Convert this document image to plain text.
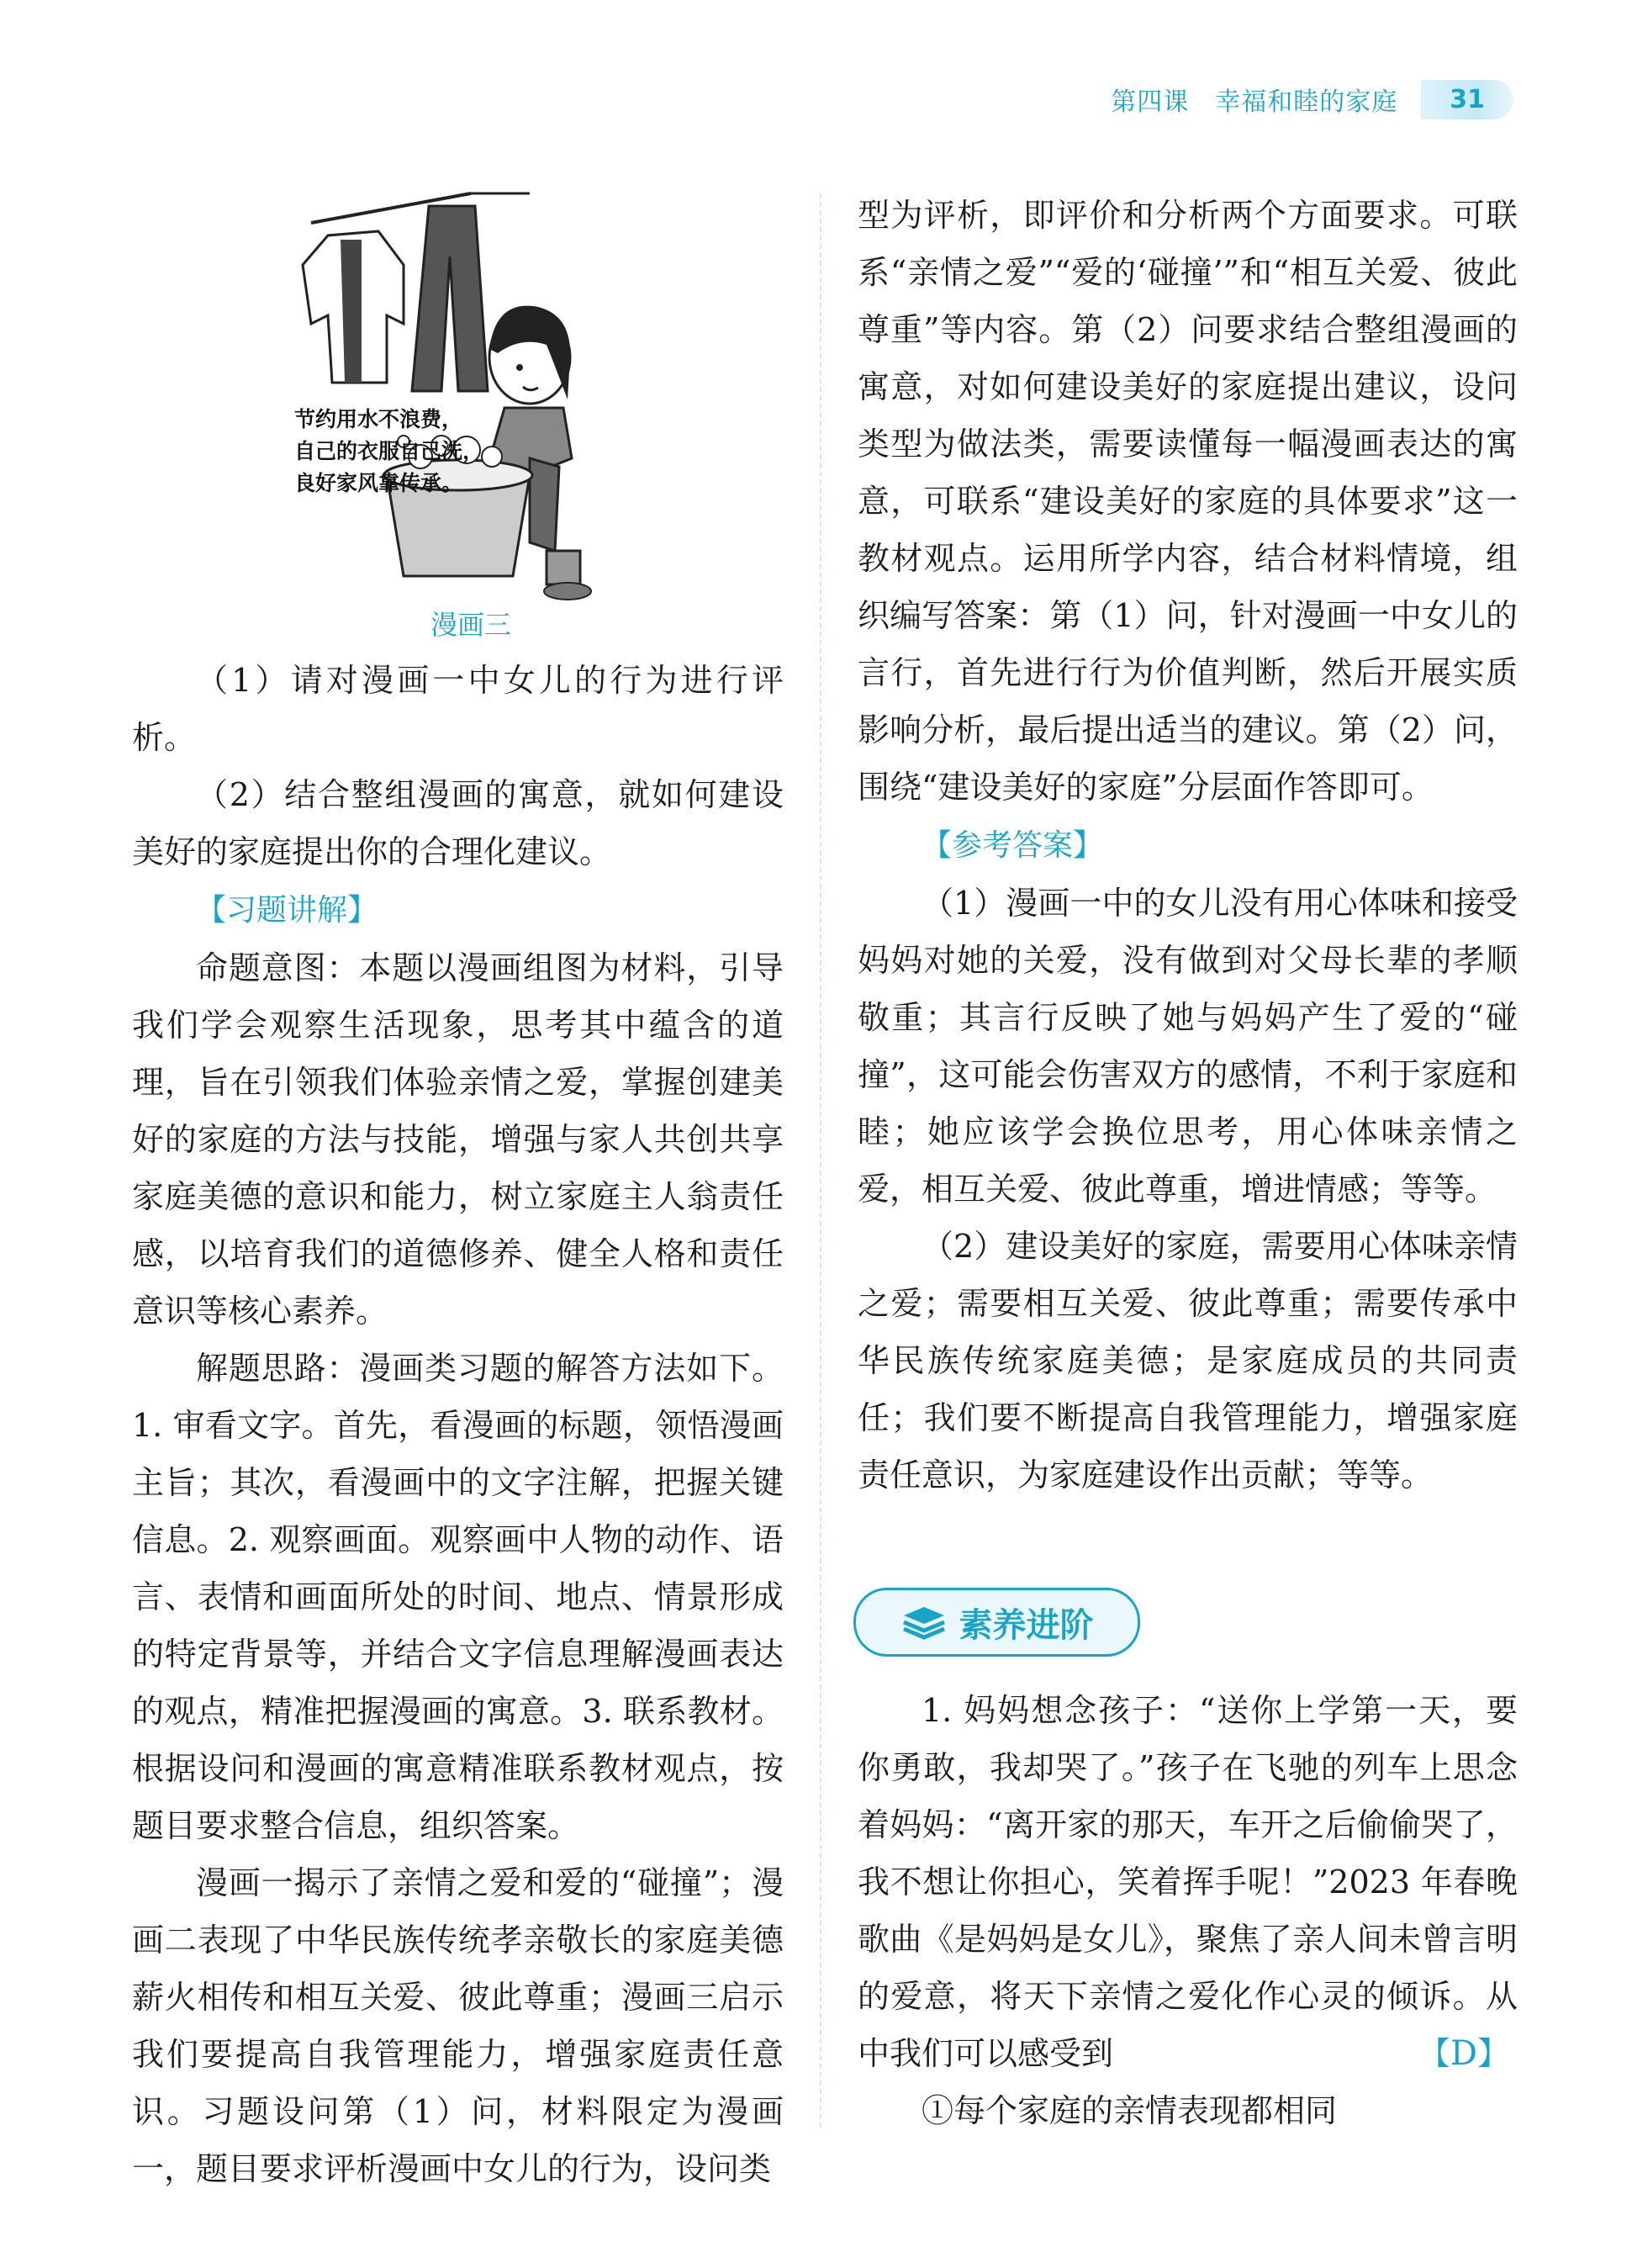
第四课　幸福和睦的家庭	31
节约用水不浪费，
自己的衣服自己洗，
良好家风靠传承。
漫画三

（1）请对漫画一中女儿的行为进行评析。

（2）结合整组漫画的寓意，就如何建设美好的家庭提出你的合理化建议。

【习题讲解】

命题意图：本题以漫画组图为材料，引导我们学会观察生活现象，思考其中蕴含的道理，旨在引领我们体验亲情之爱，掌握创建美好的家庭的方法与技能，增强与家人共创共享家庭美德的意识和能力，树立家庭主人翁责任感，以培育我们的道德修养、健全人格和责任意识等核心素养。

解题思路：漫画类习题的解答方法如下。1. 审看文字。首先，看漫画的标题，领悟漫画主旨；其次，看漫画中的文字注解，把握关键信息。2. 观察画面。观察画中人物的动作、语言、表情和画面所处的时间、地点、情景形成的特定背景等，并结合文字信息理解漫画表达的观点，精准把握漫画的寓意。3. 联系教材。根据设问和漫画的寓意精准联系教材观点，按题目要求整合信息，组织答案。

漫画一揭示了亲情之爱和爱的“碰撞”；漫画二表现了中华民族传统孝亲敬长的家庭美德薪火相传和相互关爱、彼此尊重；漫画三启示我们要提高自我管理能力，增强家庭责任意识。习题设问第（1）问，材料限定为漫画一，题目要求评析漫画中女儿的行为，设问类

型为评析，即评价和分析两个方面要求。可联系“亲情之爱”“爱的‘碰撞’”和“相互关爱、彼此尊重”等内容。第（2）问要求结合整组漫画的寓意，对如何建设美好的家庭提出建议，设问类型为做法类，需要读懂每一幅漫画表达的寓意，可联系“建设美好的家庭的具体要求”这一教材观点。运用所学内容，结合材料情境，组织编写答案：第（1）问，针对漫画一中女儿的言行，首先进行行为价值判断，然后开展实质影响分析，最后提出适当的建议。第（2）问，围绕“建设美好的家庭”分层面作答即可。

【参考答案】

（1）漫画一中的女儿没有用心体味和接受妈妈对她的关爱，没有做到对父母长辈的孝顺敬重；其言行反映了她与妈妈产生了爱的“碰撞”，这可能会伤害双方的感情，不利于家庭和睦；她应该学会换位思考，用心体味亲情之爱，相互关爱、彼此尊重，增进情感；等等。

（2）建设美好的家庭，需要用心体味亲情之爱；需要相互关爱、彼此尊重；需要传承中华民族传统家庭美德；是家庭成员的共同责任；我们要不断提高自我管理能力，增强家庭责任意识，为家庭建设作出贡献；等等。

素养进阶

1. 妈妈想念孩子：“送你上学第一天，要你勇敢，我却哭了。”孩子在飞驰的列车上思念着妈妈：“离开家的那天，车开之后偷偷哭了，我不想让你担心，笑着挥手呢！”2023 年春晚歌曲《是妈妈是女儿》，聚焦了亲人间未曾言明的爱意，将天下亲情之爱化作心灵的倾诉。从中我们可以感受到	【D】

①每个家庭的亲情表现都相同
